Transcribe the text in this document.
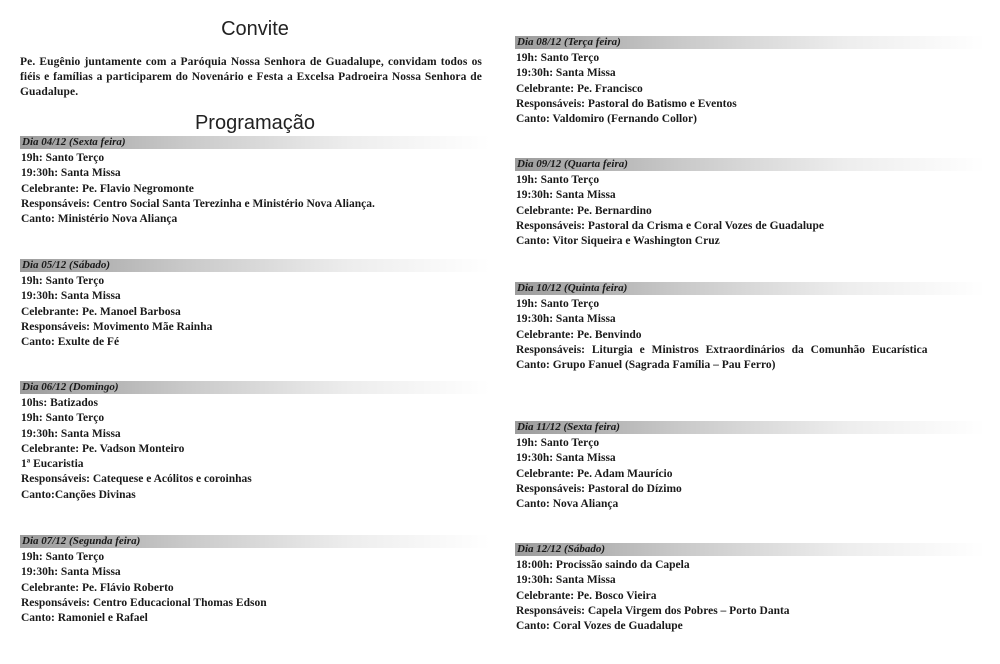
Convite
Pe. Eugênio juntamente com a Paróquia Nossa Senhora de Guadalupe, convidam todos os fiéis e famílias a participarem do Novenário e Festa a Excelsa Padroeira Nossa Senhora de Guadalupe.
Programação
Dia 04/12 (Sexta feira)
19h: Santo Terço
19:30h: Santa Missa
Celebrante: Pe. Flavio Negromonte
Responsáveis: Centro Social Santa Terezinha e Ministério Nova Aliança.
Canto: Ministério Nova Aliança
Dia 05/12 (Sábado)
19h: Santo Terço
19:30h: Santa Missa
Celebrante: Pe. Manoel Barbosa
Responsáveis: Movimento Mãe Rainha
Canto: Exulte de Fé
Dia 06/12 (Domingo)
10hs: Batizados
19h: Santo Terço
19:30h: Santa Missa
Celebrante: Pe. Vadson Monteiro
1ª Eucaristia
Responsáveis: Catequese e Acólitos e coroinhas
Canto:Canções Divinas
Dia 07/12 (Segunda feira)
19h: Santo Terço
19:30h: Santa Missa
Celebrante: Pe. Flávio Roberto
Responsáveis: Centro Educacional Thomas Edson
Canto: Ramoniel e Rafael
Dia 08/12 (Terça feira)
19h: Santo Terço
19:30h: Santa Missa
Celebrante: Pe. Francisco
Responsáveis: Pastoral do Batismo e Eventos
Canto: Valdomiro (Fernando Collor)
Dia 09/12 (Quarta feira)
19h: Santo Terço
19:30h: Santa Missa
Celebrante: Pe. Bernardino
Responsáveis: Pastoral da Crisma e Coral Vozes de Guadalupe
Canto: Vitor Siqueira e Washington Cruz
Dia 10/12 (Quinta feira)
19h: Santo Terço
19:30h: Santa Missa
Celebrante: Pe. Benvindo
Responsáveis: Liturgia e Ministros Extraordinários da Comunhão Eucarística
Canto: Grupo Fanuel (Sagrada Família – Pau Ferro)
Dia 11/12 (Sexta feira)
19h: Santo Terço
19:30h: Santa Missa
Celebrante: Pe. Adam Maurício
Responsáveis: Pastoral do Dízimo
Canto: Nova Aliança
Dia 12/12 (Sábado)
18:00h: Procissão saindo da Capela
19:30h: Santa Missa
Celebrante: Pe. Bosco Vieira
Responsáveis: Capela Virgem dos Pobres – Porto Danta
Canto: Coral Vozes de Guadalupe
